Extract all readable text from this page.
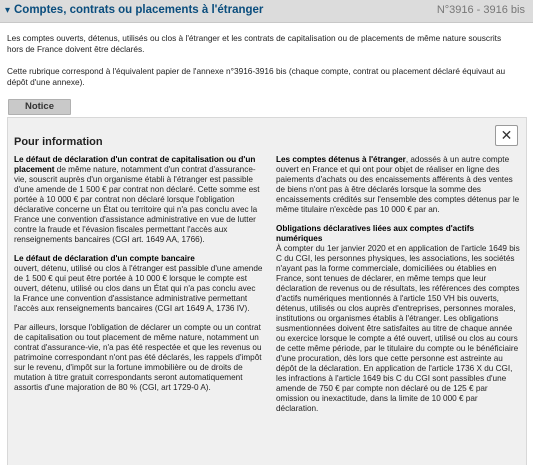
▾ Comptes, contrats ou placements à l'étranger	N°3916 - 3916 bis
Les comptes ouverts, détenus, utilisés ou clos à l'étranger et les contrats de capitalisation ou de placements de même nature souscrits hors de France doivent être déclarés.
Cette rubrique correspond à l'équivalent papier de l'annexe n°3916-3916 bis (chaque compte, contrat ou placement déclaré équivaut au dépôt d'une annexe).
Notice
Pour information	✕

Le défaut de déclaration d'un contrat de capitalisation ou d'un placement de même nature, notamment d'un contrat d'assurance-vie, souscrit auprès d'un organisme établi à l'étranger est passible d'une amende de 1 500 € par contrat non déclaré. Cette somme est portée à 10 000 € par contrat non déclaré lorsque l'obligation déclarative concerne un État ou territoire qui n'a pas conclu avec la France une convention d'assistance administrative en vue de lutter contre la fraude et l'évasion fiscales permettant l'accès aux renseignements bancaires (CGI art. 1649 AA, 1766).

Le défaut de déclaration d'un compte bancaire
ouvert, détenu, utilisé ou clos à l'étranger est passible d'une amende de 1 500 € qui peut être portée à 10 000 € lorsque le compte est ouvert, détenu, utilisé ou clos dans un État qui n'a pas conclu avec la France une convention d'assistance administrative permettant l'accès aux renseignements bancaires (CGI art 1649 A, 1736 IV).

Par ailleurs, lorsque l'obligation de déclarer un compte ou un contrat de capitalisation ou tout placement de même nature, notamment un contrat d'assurance-vie, n'a pas été respectée et que les revenus ou patrimoine correspondant n'ont pas été déclarés, les rappels d'impôt sur le revenu, d'impôt sur la fortune immobilière ou de droits de mutation à titre gratuit correspondants seront automatiquement assortis d'une majoration de 80 % (CGI, art 1729-0 A).

Les comptes détenus à l'étranger, adossés à un autre compte ouvert en France et qui ont pour objet de réaliser en ligne des paiements d'achats ou des encaissements afférents à des ventes de biens n'ont pas à être déclarés lorsque la somme des encaissements crédités sur l'ensemble des comptes détenus par le même titulaire n'excède pas 10 000 € par an.

Obligations déclaratives liées aux comptes d'actifs numériques
À compter du 1er janvier 2020 et en application de l'article 1649 bis C du CGI, les personnes physiques, les associations, les sociétés n'ayant pas la forme commerciale, domiciliées ou établies en France, sont tenues de déclarer, en même temps que leur déclaration de revenus ou de résultats, les références des comptes d'actifs numériques mentionnés à l'article 150 VH bis ouverts, détenus, utilisés ou clos auprès d'entreprises, personnes morales, institutions ou organismes établis à l'étranger. Les obligations susmentionnées doivent être satisfaites au titre de chaque année ou exercice lorsque le compte a été ouvert, utilisé ou clos au cours de cette même période, par le titulaire du compte ou le bénéficiaire d'une procuration, dès lors que cette personne est astreinte au dépôt de la déclaration. En application de l'article 1736 X du CGI, les infractions à l'article 1649 bis C du CGI sont passibles d'une amende de 750 € par compte non déclaré ou de 125 € par omission ou inexactitude, dans la limite de 10 000 € par déclaration.
